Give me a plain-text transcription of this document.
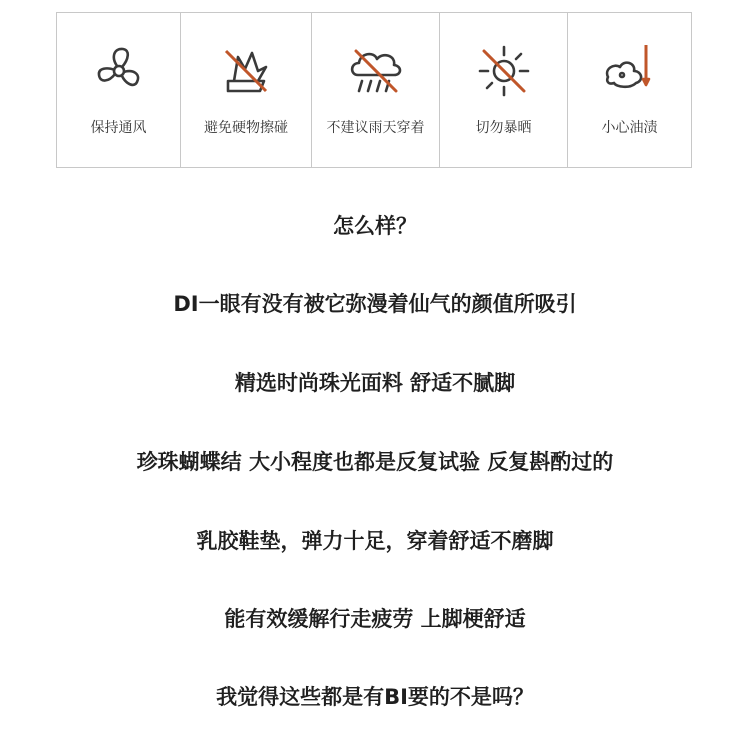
保持通风	避免硬物擦碰	不建议雨天穿着	切勿暴晒	小心油渍
怎么样？
DI一眼有没有被它弥漫着仙气的颜值所吸引
精选时尚珠光面料 舒适不腻脚
珍珠蝴蝶结 大小程度也都是反复试验 反复斟酌过的
乳胶鞋垫，弹力十足，穿着舒适不磨脚
能有效缓解行走疲劳 上脚梗舒适
我觉得这些都是有BI要的不是吗？
